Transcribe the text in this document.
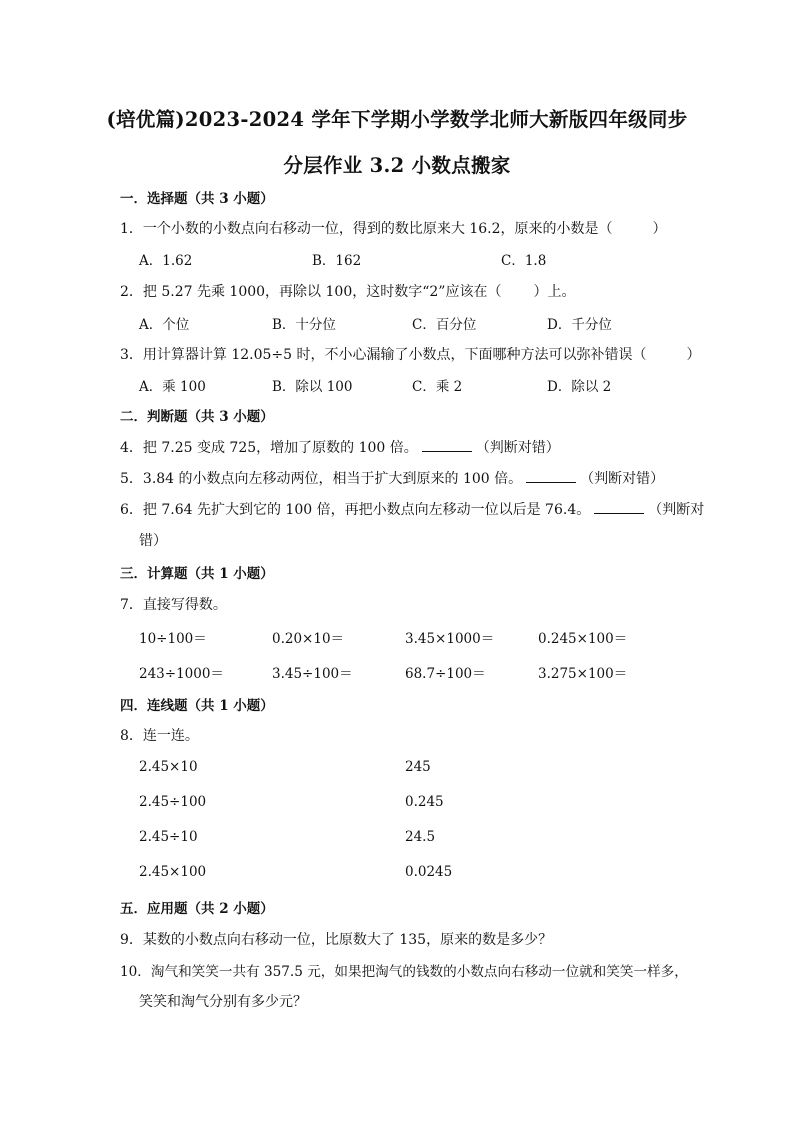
(培优篇)2023-2024 学年下学期小学数学北师大新版四年级同步
分层作业 3.2 小数点搬家
一．选择题（共 3 小题）
1．一个小数的小数点向右移动一位，得到的数比原来大 16.2，原来的小数是（	）
A．1.62	B．162	C．1.8
2．把 5.27 先乘 1000，再除以 100，这时数字“2”应该在（ ）上。
A．个位	B．十分位	C．百分位	D．千分位
3．用计算器计算 12.05÷5 时，不小心漏输了小数点，下面哪种方法可以弥补错误（	）
A．乘 100	B．除以 100	C．乘 2	D．除以 2
二．判断题（共 3 小题）
4．把 7.25 变成 725，增加了原数的 100 倍。	（判断对错）
5．3.84 的小数点向左移动两位，相当于扩大到原来的 100 倍。	（判断对错）
6．把 7.64 先扩大到它的 100 倍，再把小数点向左移动一位以后是 76.4。	（判断对
错）
三．计算题（共 1 小题）
7．直接写得数。
10÷100＝	0.20×10＝	3.45×1000＝	0.245×100＝
243÷1000＝	3.45÷100＝	68.7÷100＝	3.275×100＝
四．连线题（共 1 小题）
8．连一连。
2.45×10	245
2.45÷100	0.245
2.45÷10	24.5
2.45×100	0.0245
五．应用题（共 2 小题）
9．某数的小数点向右移动一位，比原数大了 135，原来的数是多少？
10．淘气和笑笑一共有 357.5 元，如果把淘气的钱数的小数点向右移动一位就和笑笑一样多，
笑笑和淘气分别有多少元？
